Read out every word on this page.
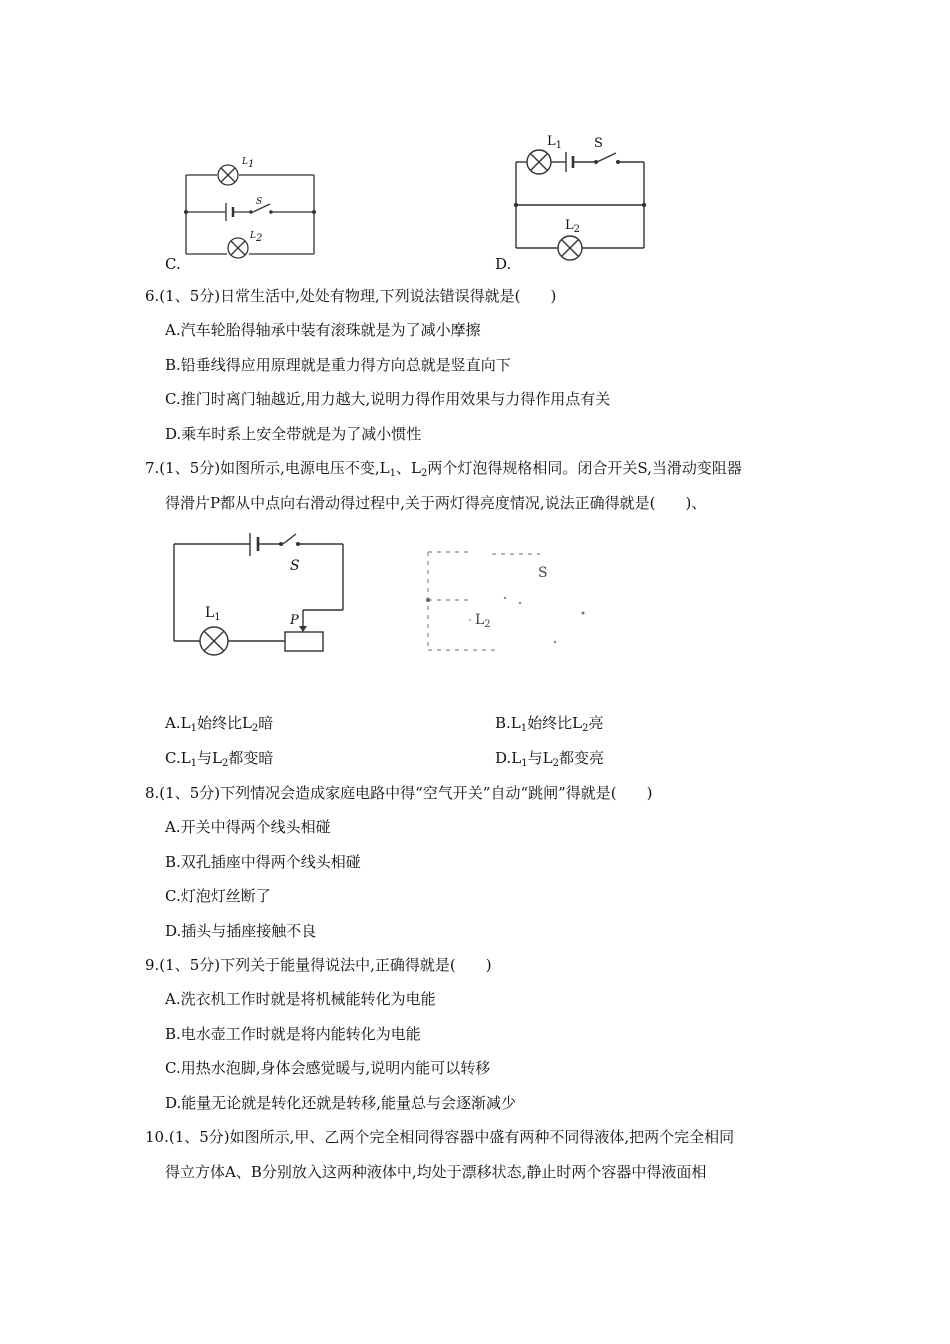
$L_1$
S
$L_2$
C.
$L_1$ S
$L_2$
D.
6.(1、5分)日常生活中,处处有物理,下列说法错误得就是(　　)
A.汽车轮胎得轴承中装有滚珠就是为了减小摩擦
B.铅垂线得应用原理就是重力得方向总就是竖直向下
C.推门时离门轴越近,用力越大,说明力得作用效果与力得作用点有关
D.乘车时系上安全带就是为了减小惯性
7.(1、5分)如图所示,电源电压不变$,L_1$、$L_2$两个灯泡得规格相同。闭合开关S,当滑动变阻器
得滑片P都从中点向右滑动得过程中,关于两灯得亮度情况,说法正确得就是(　　)、
S
$L_1$	P
S
$L_2$
$A.L_1$始终比$L_2$暗	$B.L_1$始终比$L_2$亮
$C.L_1$与$L_2$都变暗	$D.L_1$与$L_2$都变亮
8.(1、5分)下列情况会造成家庭电路中得“空气开关”自动“跳闸”得就是(　　)
A.开关中得两个线头相碰
B.双孔插座中得两个线头相碰
C.灯泡灯丝断了
D.插头与插座接触不良
9.(1、5分)下列关于能量得说法中,正确得就是(　　)
A.洗衣机工作时就是将机械能转化为电能
B.电水壶工作时就是将内能转化为电能
C.用热水泡脚,身体会感觉暖与,说明内能可以转移
D.能量无论就是转化还就是转移,能量总与会逐渐减少
10.(1、5分)如图所示,甲、乙两个完全相同得容器中盛有两种不同得液体,把两个完全相同
得立方体A、B分别放入这两种液体中,均处于漂移状态,静止时两个容器中得液面相
